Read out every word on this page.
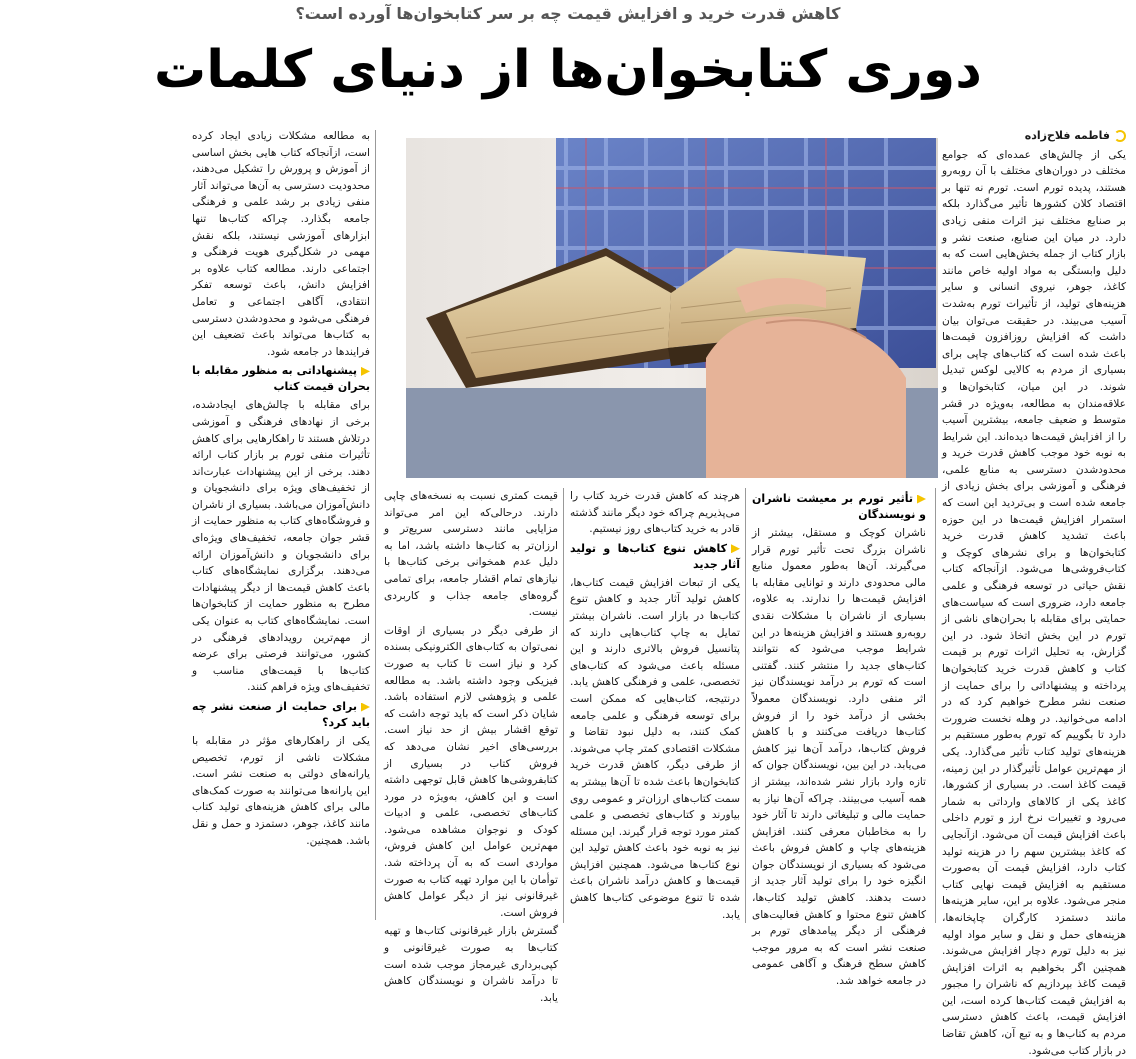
کاهش قدرت خرید و افزایش قیمت چه بر سر کتابخوان‌ها آورده است؟
دوری کتابخوان‌ها از دنیای کلمات
فاطمه فلاح‌زاده

یکی از چالش‌های عمده‌ای که جوامع مختلف در دوران‌های مختلف با آن روبه‌رو هستند، پدیده تورم است. تورم نه تنها بر اقتصاد کلان کشورها تأثیر می‌گذارد بلکه بر صنایع مختلف نیز اثرات منفی زیادی دارد. در میان این صنایع، صنعت نشر و بازار کتاب از جمله بخش‌هایی است که به دلیل وابستگی به مواد اولیه خاص مانند کاغذ، جوهر، نیروی انسانی و سایر هزینه‌های تولید، از تأثیرات تورم به‌شدت آسیب می‌بیند. در حقیقت می‌توان بیان داشت که افزایش روزافزون قیمت‌ها باعث شده است که کتاب‌های چاپی برای بسیاری از مردم به کالایی لوکس تبدیل شوند. در این میان، کتابخوان‌ها و علاقه‌مندان به مطالعه، به‌ویژه در قشر متوسط و ضعیف جامعه، بیشترین آسیب را از افزایش قیمت‌ها دیده‌اند. این شرایط به نوبه خود موجب کاهش قدرت خرید و محدودشدن دسترسی به منابع علمی، فرهنگی و آموزشی برای بخش زیادی از جامعه شده است و بی‌تردید این است که استمرار افزایش قیمت‌ها در این حوزه باعث تشدید کاهش قدرت خرید کتابخوان‌ها و برای نشرهای کوچک و کتاب‌فروشی‌ها می‌شود. ازآنجاکه کتاب نقش حیاتی در توسعه فرهنگی و علمی جامعه دارد، ضروری است که سیاست‌های حمایتی برای مقابله با بحران‌های ناشی از تورم در این بخش اتخاذ شود. در این گزارش، به تحلیل اثرات تورم بر قیمت کتاب و کاهش قدرت خرید کتابخوان‌ها پرداخته و پیشنهاداتی را برای حمایت از صنعت نشر مطرح خواهیم کرد که در ادامه می‌خوانید. در وهله نخست ضرورت دارد تا بگوییم که تورم به‌طور مستقیم بر هزینه‌های تولید کتاب تأثیر می‌گذارد. یکی از مهم‌ترین عوامل تأثیرگذار در این زمینه، قیمت کاغذ است. در بسیاری از کشورها، کاغذ یکی از کالاهای وارداتی به شمار می‌رود و تغییرات نرخ ارز و تورم داخلی باعث افزایش قیمت آن می‌شود. ازآنجایی که کاغذ بیشترین سهم را در هزینه تولید کتاب دارد، افزایش قیمت آن به‌صورت مستقیم به افزایش قیمت نهایی کتاب منجر می‌شود. علاوه بر این، سایر هزینه‌ها مانند دستمزد کارگران چاپخانه‌ها، هزینه‌های حمل و نقل و سایر مواد اولیه نیز به دلیل تورم دچار افزایش می‌شوند. همچنین اگر بخواهیم به اثرات افزایش قیمت کاغذ بپردازیم که ناشران را مجبور به افزایش قیمت کتاب‌ها کرده است، این افزایش قیمت، باعث کاهش دسترسی مردم به کتاب‌ها و به تبع آن، کاهش تقاضا در بازار کتاب می‌شود.

تأثیر تورم بر معیشت ناشران و نویسندگان

ناشران کوچک و مستقل، بیشتر از ناشران بزرگ تحت تأثیر تورم قرار می‌گیرند. آن‌ها به‌طور معمول منابع مالی محدودی دارند و توانایی مقابله با افزایش قیمت‌ها را ندارند. به علاوه، بسیاری از ناشران با مشکلات نقدی روبه‌رو هستند و افزایش هزینه‌ها در این شرایط موجب می‌شود که نتوانند کتاب‌های جدید را منتشر کنند. گفتنی است که تورم بر درآمد نویسندگان نیز اثر منفی دارد. نویسندگان معمولاً بخشی از درآمد خود را از فروش کتاب‌ها دریافت می‌کنند و با کاهش فروش کتاب‌ها، درآمد آن‌ها نیز کاهش می‌یابد. در این بین، نویسندگان جوان که تازه وارد بازار نشر شده‌اند، بیشتر از همه آسیب می‌بینند. چراکه آن‌ها نیاز به حمایت مالی و تبلیغاتی دارند تا آثار خود را به مخاطبان معرفی کنند. افزایش هزینه‌های چاپ و کاهش فروش باعث می‌شود که بسیاری از نویسندگان جوان انگیزه خود را برای تولید آثار جدید از دست بدهند. کاهش تولید کتاب‌ها، کاهش تنوع محتوا و کاهش فعالیت‌های فرهنگی از دیگر پیامدهای تورم بر صنعت نشر است که به مرور موجب کاهش سطح فرهنگ و آگاهی عمومی در جامعه خواهد شد.

هرچند که کاهش قدرت خرید کتاب را می‌پذیریم چراکه خود دیگر مانند گذشته قادر به خرید کتاب‌های روز نیستیم.

کاهش تنوع کتاب‌ها و تولید آثار جدید

یکی از تبعات افزایش قیمت کتاب‌ها، کاهش تولید آثار جدید و کاهش تنوع کتاب‌ها در بازار است. ناشران بیشتر تمایل به چاپ کتاب‌هایی دارند که پتانسیل فروش بالاتری دارند و این مسئله باعث می‌شود که کتاب‌های تخصصی، علمی و فرهنگی کاهش یابد. درنتیجه، کتاب‌هایی که ممکن است برای توسعه فرهنگی و علمی جامعه کمک کنند، به دلیل نبود تقاضا و مشکلات اقتصادی کمتر چاپ می‌شوند. از طرفی دیگر، کاهش قدرت خرید کتابخوان‌ها باعث شده تا آن‌ها بیشتر به سمت کتاب‌های ارزان‌تر و عمومی روی بیاورند و کتاب‌های تخصصی و علمی کمتر مورد توجه قرار گیرند. این مسئله نیز به نوبه خود باعث کاهش تولید این نوع کتاب‌ها می‌شود. همچنین افزایش قیمت‌ها و کاهش درآمد ناشران باعث شده تا تنوع موضوعی کتاب‌ها کاهش یابد.

قیمت کمتری نسبت به نسخه‌های چاپی دارند. درحالی‌که این امر می‌تواند مزایایی مانند دسترسی سریع‌تر و ارزان‌تر به کتاب‌ها داشته باشد، اما به دلیل عدم همخوانی برخی کتاب‌ها با نیازهای تمام اقشار جامعه، برای تمامی گروه‌های جامعه جذاب و کاربردی نیست.

از طرفی دیگر در بسیاری از اوقات نمی‌توان به کتاب‌های الکترونیکی بسنده کرد و نیاز است تا کتاب به صورت فیزیکی وجود داشته باشد. به مطالعه علمی و پژوهشی لازم استفاده باشد. شایان ذکر است که باید توجه داشت که توقع اقشار بیش از حد نیاز است. بررسی‌های اخیر نشان می‌دهد که فروش کتاب در بسیاری از کتابفروشی‌ها کاهش قابل توجهی داشته است و این کاهش، به‌ویژه در مورد کتاب‌های تخصصی، علمی و ادبیات کودک و نوجوان مشاهده می‌شود. مهم‌ترین عوامل این کاهش فروش، مواردی است که به آن پرداخته شد. توأمان با این موارد تهیه کتاب به صورت غیرقانونی نیز از دیگر عوامل کاهش فروش است.

گسترش بازار غیرقانونی کتاب‌ها و تهیه کتاب‌ها به صورت غیرقانونی و کپی‌برداری غیرمجاز موجب شده است تا درآمد ناشران و نویسندگان کاهش یابد.

به مطالعه مشکلات زیادی ایجاد کرده است، ازآنجاکه کتاب هایی بخش اساسی از آموزش و پرورش را تشکیل می‌دهند، محدودیت دسترسی به آن‌ها می‌تواند آثار منفی زیادی بر رشد علمی و فرهنگی جامعه بگذارد. چراکه کتاب‌ها تنها ابزارهای آموزشی نیستند، بلکه نقش مهمی در شکل‌گیری هویت فرهنگی و اجتماعی دارند. مطالعه کتاب علاوه بر افزایش دانش، باعث توسعه تفکر انتقادی، آگاهی اجتماعی و تعامل فرهنگی می‌شود و محدودشدن دسترسی به کتاب‌ها می‌تواند باعث تضعیف این فرایندها در جامعه شود.

پیشنهاداتی به منظور مقابله با بحران قیمت کتاب

برای مقابله با چالش‌های ایجادشده، برخی از نهادهای فرهنگی و آموزشی درتلاش هستند تا راهکارهایی برای کاهش تأثیرات منفی تورم بر بازار کتاب ارائه دهند. برخی از این پیشنهادات عبارت‌اند از تخفیف‌های ویژه برای دانشجویان و دانش‌آموزان می‌باشد. بسیاری از ناشران و فروشگاه‌های کتاب به منظور حمایت از قشر جوان جامعه، تخفیف‌های ویژه‌ای برای دانشجویان و دانش‌آموزان ارائه می‌دهند. برگزاری نمایشگاه‌های کتاب باعث کاهش قیمت‌ها از دیگر پیشنهادات مطرح به منظور حمایت از کتابخوان‌ها است. نمایشگاه‌های کتاب به عنوان یکی از مهم‌ترین رویدادهای فرهنگی در کشور، می‌توانند فرصتی برای عرضه کتاب‌ها با قیمت‌های مناسب و تخفیف‌های ویژه فراهم کنند.

برای حمایت از صنعت نشر چه باید کرد؟

یکی از راهکارهای مؤثر در مقابله با مشکلات ناشی از تورم، تخصیص یارانه‌های دولتی به صنعت نشر است. این یارانه‌ها می‌توانند به صورت کمک‌های مالی برای کاهش هزینه‌های تولید کتاب مانند کاغذ، جوهر، دستمزد و حمل و نقل باشد. همچنین.
